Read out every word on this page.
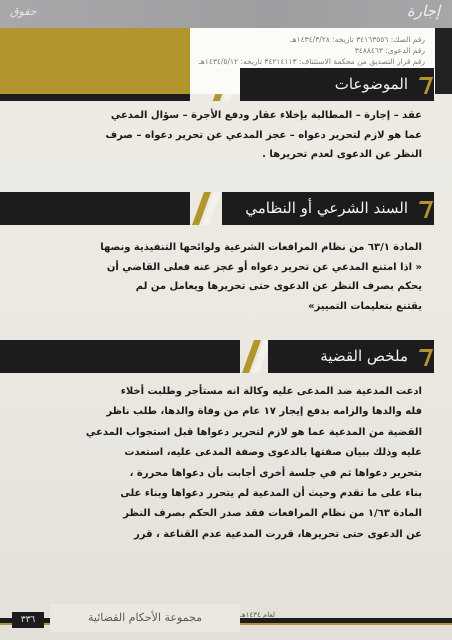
إجارة
حقوق
رقم الصك: ٣٤١٦٣٥٥٦ تاريخه: ١٤٣٤/٣/٢٨هـ
رقم الدعوى: ٣٤٨٨٤٦٣
رقم قرار التصديق من محكمة الاستئناف: ٣٤٢١٤١١٣ تاريخه: ١٤٣٤/٥/١٢هـ
الموضوعات
عقد – إجارة – المطالبة بإخلاء عقار ودفع الأجرة – سؤال المدعي
عما هو لازم لتحرير دعواه – عجز المدعي عن تحرير دعواه – صرف
النظر عن الدعوى لعدم تحريرها .
السند الشرعي أو النظامي
المادة ٦٣/١ من نظام المرافعات الشرعية ولوائحها التنفيذية ونصها
« اذا امتنع المدعي عن تحرير دعواه أو عجز عنه فعلى القاضي أن
يحكم بصرف النظر عن الدعوى حتى تحريرها ويعامل من لم
يقتنع بتعليمات التمييز»
ملخص القضية
ادعت المدعية ضد المدعى عليه وكالة انه مستأجر وطلبت أخلاء
فله والدها والزامه بدفع إيجار ١٧ عام من وفاة والدها، طلب ناظر
القضية من المدعية عما هو لازم لتحرير دعواها قبل استجواب المدعي
عليه وذلك ببيان صفتها بالدعوى وصفة المدعى عليه، استعدت
بتحرير دعواها ثم في جلسة أخرى أجابت بأن دعواها محررة ،
بناء على ما تقدم وحيث أن المدعية لم يتحرر دعواها وبناء على
المادة ١/٦٣ من نظام المرافعات فقد صدر الحكم بصرف النظر
عن الدعوى حتى تحريرها، قررت المدعية عدم القناعة ، قرر
مجموعة الأحكام القضائية
٣٣٦	لعام ١٤٣٤هـ
